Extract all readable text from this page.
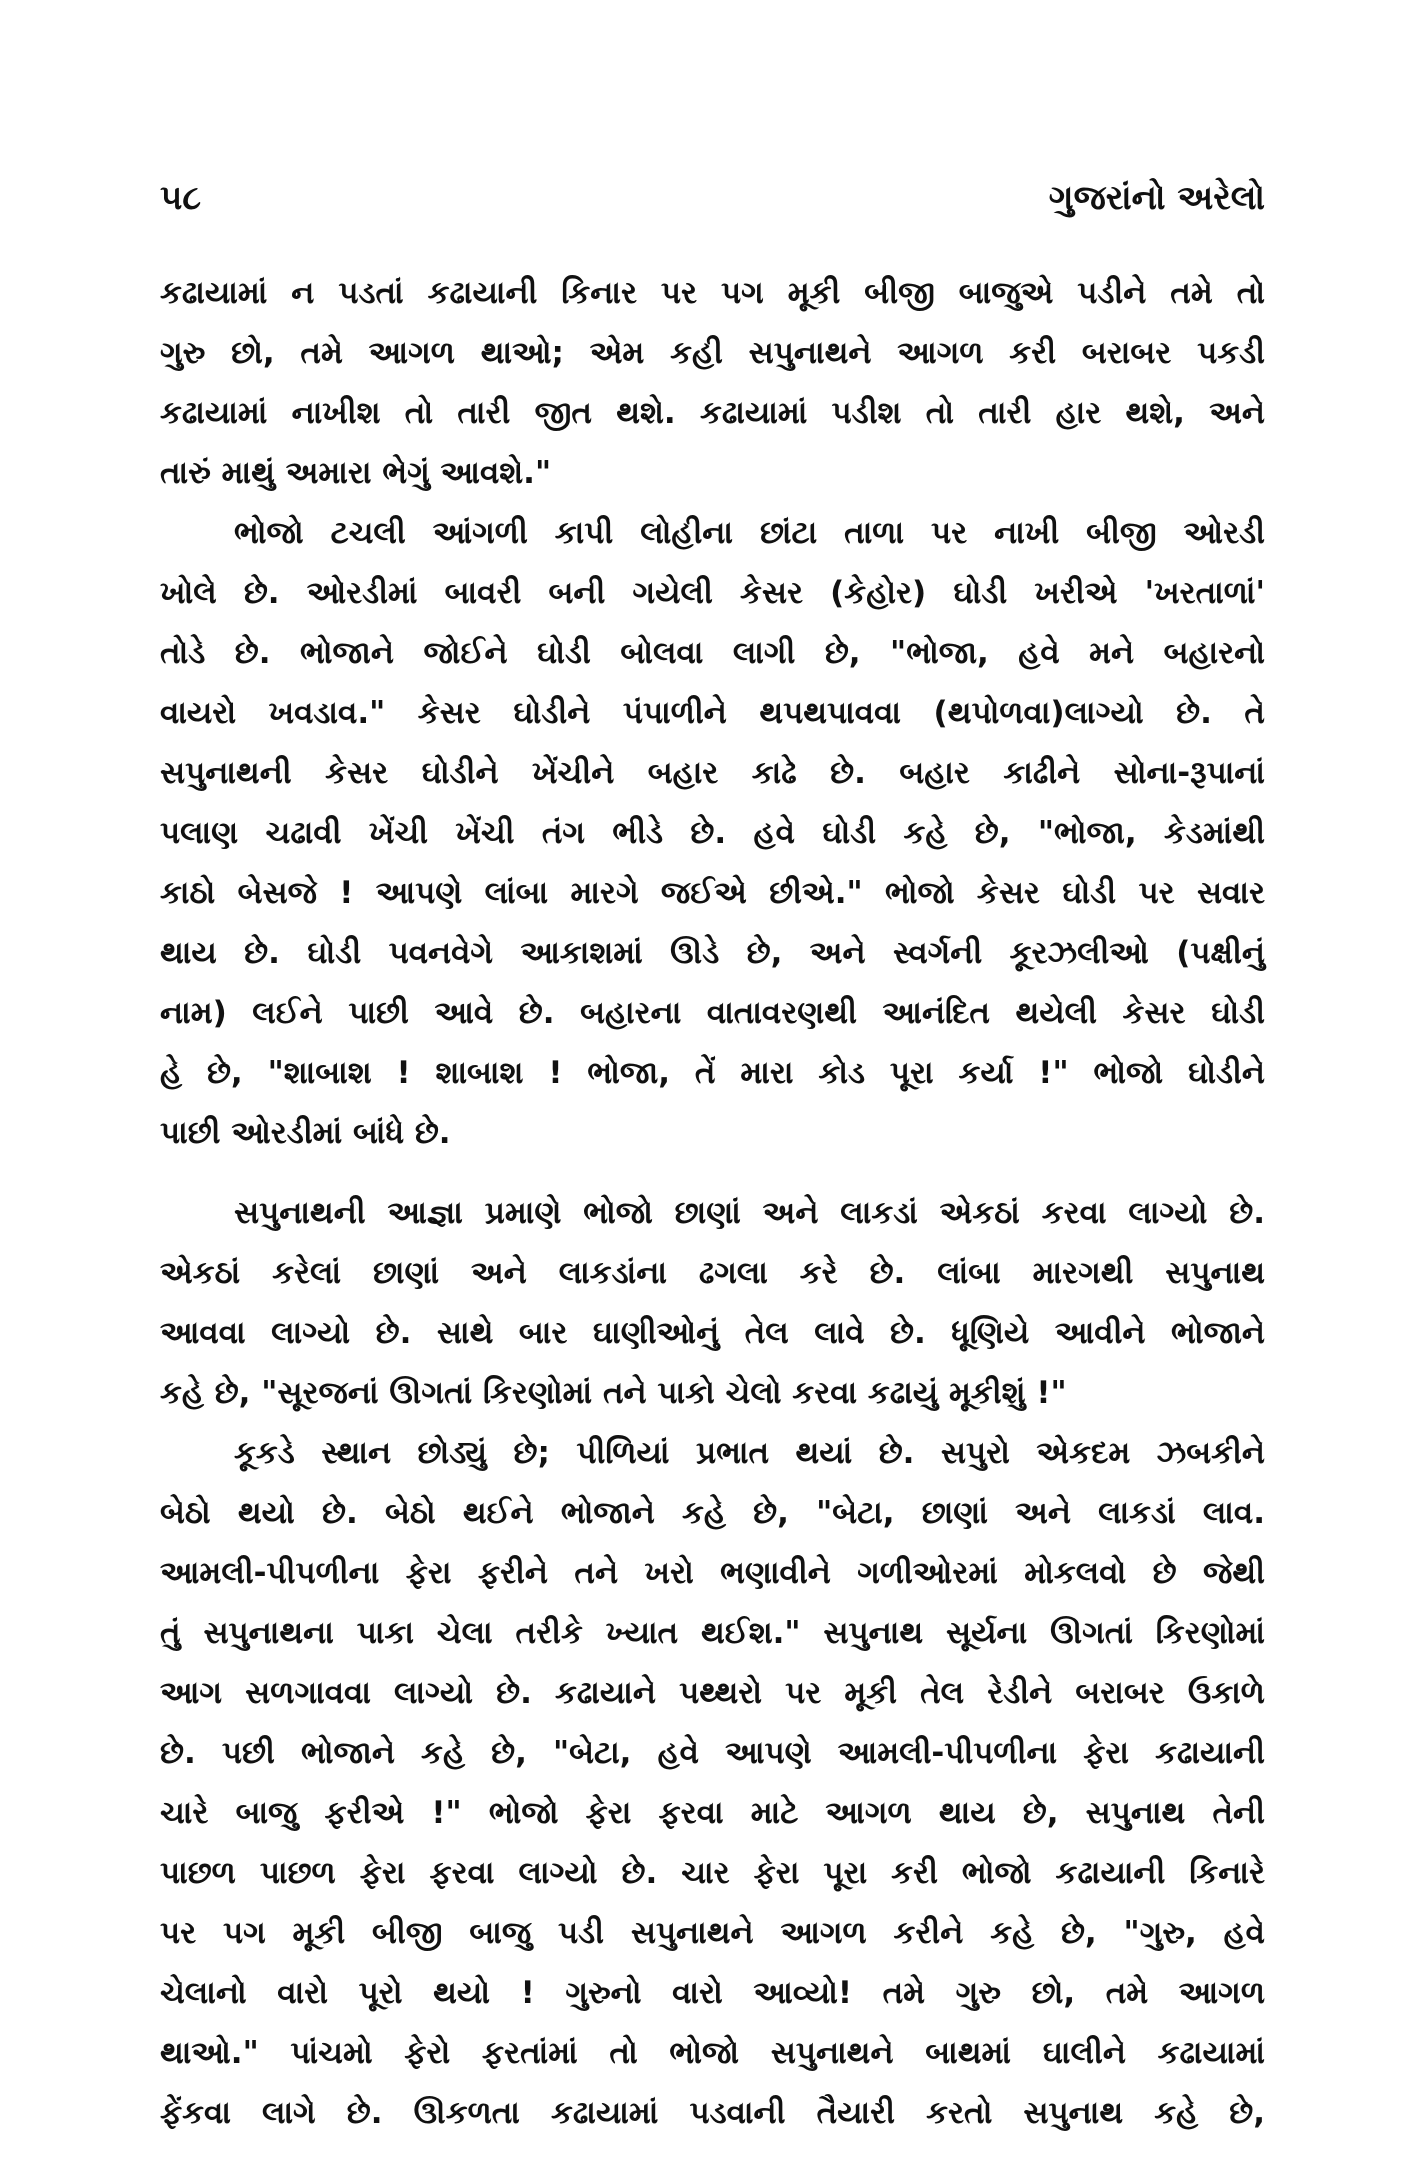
૫૮	ગુજરાંનો અરેલો
કઢાયામાં ન પડતાં કઢાયાની કિનાર પર પગ મૂકી બીજી બાજુએ પડીને તમે તો
ગુરુ છો, તમે આગળ થાઓ; એમ કહી સપુનાથને આગળ કરી બરાબર પકડી
કઢાયામાં નાખીશ તો તારી જીત થશે. કઢાયામાં પડીશ તો તારી હાર થશે, અને
તારું માથું અમારા ભેગું આવશે."
ભોજો ટચલી આંગળી કાપી લોહીના છાંટા તાળા પર નાખી બીજી ઓરડી
ખોલે છે. ઓરડીમાં બાવરી બની ગયેલી કેસર (કેહોર) ઘોડી ખરીએ 'ખરતાળાં'
તોડે છે. ભોજાને જોઈને ઘોડી બોલવા લાગી છે, "ભોજા, હવે મને બહારનો
વાયરો ખવડાવ." કેસર ઘોડીને પંપાળીને થપથપાવવા (થપોળવા)લાગ્યો છે. તે
સપુનાથની કેસર ઘોડીને ખેંચીને બહાર કાઢે છે. બહાર કાઢીને સોના-રૂપાનાં
પલાણ ચઢાવી ખેંચી ખેંચી તંગ ભીડે છે. હવે ઘોડી કહે છે, "ભોજા, કેડમાંથી
કાઠો બેસજે ! આપણે લાંબા મારગે જઈએ છીએ." ભોજો કેસર ઘોડી પર સવાર
થાય છે. ઘોડી પવનવેગે આકાશમાં ઊડે છે, અને સ્વર્ગની કૂરઝલીઓ (પક્ષીનું
નામ) લઈને પાછી આવે છે. બહારના વાતાવરણથી આનંદિત થયેલી કેસર ઘોડી
હે છે, "શાબાશ ! શાબાશ ! ભોજા, તેં મારા કોડ પૂરા કર્યા !" ભોજો ઘોડીને
પાછી ઓરડીમાં બાંધે છે.
સપુનાથની આજ્ઞા પ્રમાણે ભોજો છાણાં અને લાકડાં એકઠાં કરવા લાગ્યો છે.
એકઠાં કરેલાં છાણાં અને લાકડાંના ઢગલા કરે છે. લાંબા મારગથી સપુનાથ
આવવા લાગ્યો છે. સાથે બાર ઘાણીઓનું તેલ લાવે છે. ધૂણિયે આવીને ભોજાને
કહે છે, "સૂરજનાં ઊગતાં કિરણોમાં તને પાકો ચેલો કરવા કઢાયું મૂકીશું !"
કૂકડે સ્થાન છોડ્યું છે; પીળિયાં પ્રભાત થયાં છે. સપુરો એકદમ ઝબકીને
બેઠો થયો છે. બેઠો થઈને ભોજાને કહે છે, "બેટા, છાણાં અને લાકડાં લાવ.
આમલી-પીપળીના ફેરા ફરીને તને ખરો ભણાવીને ગળીઓરમાં મોકલવો છે જેથી
તું સપુનાથના પાકા ચેલા તરીકે ખ્યાત થઈશ." સપુનાથ સૂર્યના ઊગતાં કિરણોમાં
આગ સળગાવવા લાગ્યો છે. કઢાયાને પથ્થરો પર મૂકી તેલ રેડીને બરાબર ઉકાળે
છે. પછી ભોજાને કહે છે, "બેટા, હવે આપણે આમલી-પીપળીના ફેરા કઢાયાની
ચારે બાજુ ફરીએ !" ભોજો ફેરા ફરવા માટે આગળ થાય છે, સપુનાથ તેની
પાછળ પાછળ ફેરા ફરવા લાગ્યો છે. ચાર ફેરા પૂરા કરી ભોજો કઢાયાની કિનારે
પર પગ મૂકી બીજી બાજુ પડી સપુનાથને આગળ કરીને કહે છે, "ગુરુ, હવે
ચેલાનો વારો પૂરો થયો ! ગુરુનો વારો આવ્યો! તમે ગુરુ છો, તમે આગળ
થાઓ." પાંચમો ફેરો ફરતાંમાં તો ભોજો સપુનાથને બાથમાં ઘાલીને કઢાયામાં
ફેંકવા લાગે છે. ઊકળતા કઢાયામાં પડવાની તૈયારી કરતો સપુનાથ કહે છે,
